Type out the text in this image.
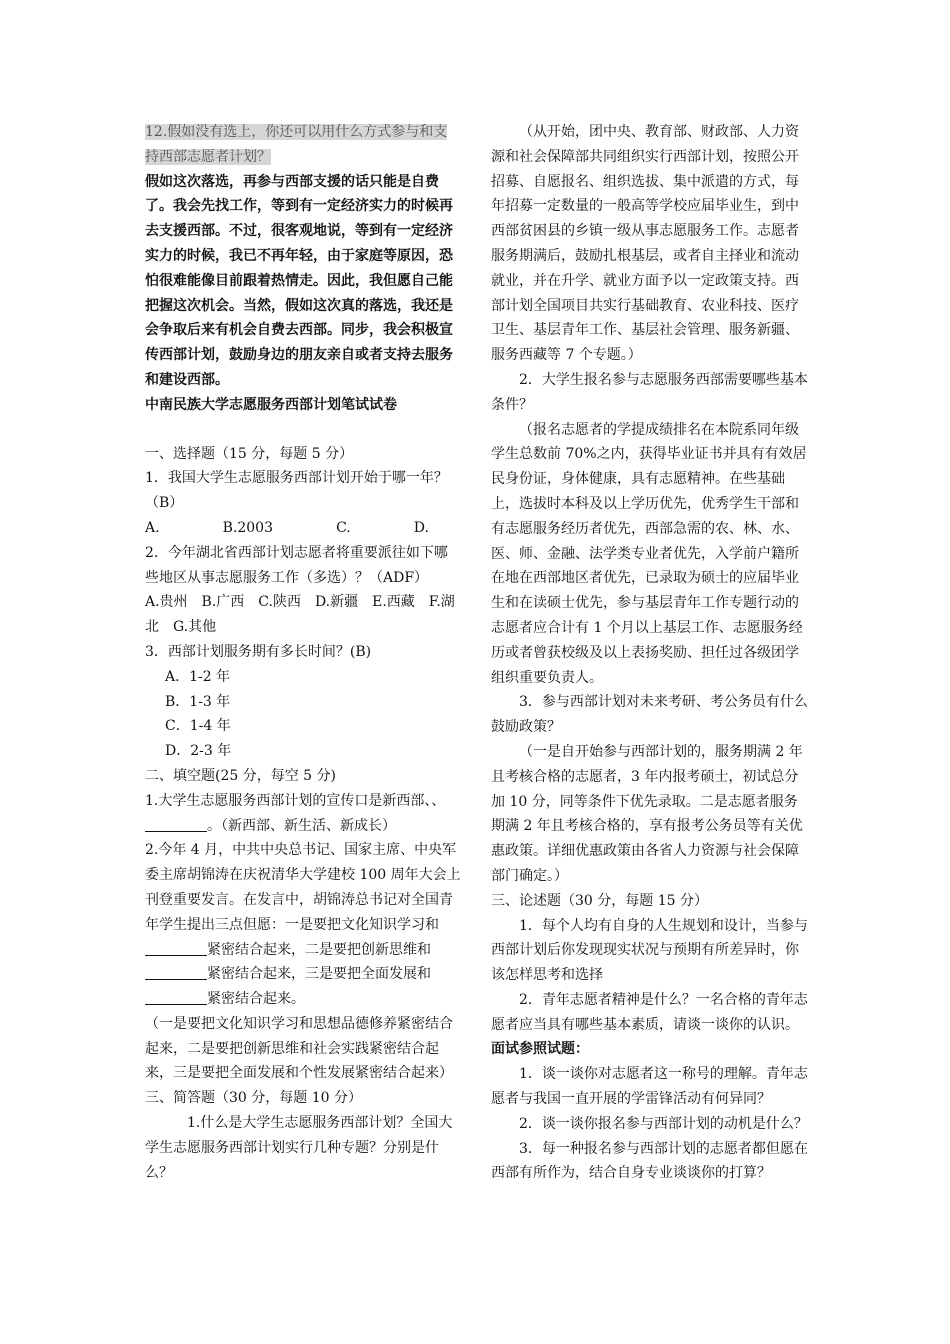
12.假如没有选上，你还可以用什么方式参与和支
持西部志愿者计划？

假如这次落选，再参与西部支援的话只能是自费了。我会先找工作，等到有一定经济实力的时候再去支援西部。不过，很客观地说，等到有一定经济实力的时候，我已不再年轻，由于家庭等原因，恐怕很难能像目前跟着热情走。因此，我但愿自己能把握这次机会。当然，假如这次真的落选，我还是会争取后来有机会自费去西部。同步，我会积极宣传西部计划，鼓励身边的朋友亲自或者支持去服务和建设西部。

中南民族大学志愿服务西部计划笔试试卷

一、选择题（15 分，每题 5 分）

1．我国大学生志愿服务西部计划开始于哪一年？（B）

A.	B.2003	C.	D.

2．今年湖北省西部计划志愿者将重要派往如下哪些地区从事志愿服务工作（多选）？（ADF）

A.贵州　B.广西　C.陕西　D.新疆　E.西藏　F.湖北　G.其他

3．西部计划服务期有多长时间？(B)

A．1-2 年

B．1-3 年

C．1-4 年

D．2-3 年

二、填空题(25 分，每空 5 分)

1.大学生志愿服务西部计划的宣传口是新西部、、。（新西部、新生活、新成长）

2.今年 4 月，中共中央总书记、国家主席、中央军委主席胡锦涛在庆祝清华大学建校 100 周年大会上刊登重要发言。在发言中，胡锦涛总书记对全国青年学生提出三点但愿：一是要把文化知识学习和紧密结合起来，二是要把创新思维和紧密结合起来，三是要把全面发展和紧密结合起来。

（一是要把文化知识学习和思想品德修养紧密结合起来，二是要把创新思维和社会实践紧密结合起来，三是要把全面发展和个性发展紧密结合起来）

三、简答题（30 分，每题 10 分）

1.什么是大学生志愿服务西部计划？全国大学生志愿服务西部计划实行几种专题？分别是什么？

（从开始，团中央、教育部、财政部、人力资源和社会保障部共同组织实行西部计划，按照公开招募、自愿报名、组织选拔、集中派遣的方式，每年招募一定数量的一般高等学校应届毕业生，到中西部贫困县的乡镇一级从事志愿服务工作。志愿者服务期满后，鼓励扎根基层，或者自主择业和流动就业，并在升学、就业方面予以一定政策支持。西部计划全国项目共实行基础教育、农业科技、医疗卫生、基层青年工作、基层社会管理、服务新疆、服务西藏等 7 个专题。）

2．大学生报名参与志愿服务西部需要哪些基本条件？

（报名志愿者的学提成绩排名在本院系同年级学生总数前 70%之内，获得毕业证书并具有有效居民身份证，身体健康，具有志愿精神。在些基础上，选拔时本科及以上学历优先，优秀学生干部和有志愿服务经历者优先，西部急需的农、林、水、医、师、金融、法学类专业者优先，入学前户籍所在地在西部地区者优先，已录取为硕士的应届毕业生和在读硕士优先，参与基层青年工作专题行动的志愿者应合计有 1 个月以上基层工作、志愿服务经历或者曾获校级及以上表扬奖励、担任过各级团学组织重要负责人。

3．参与西部计划对未来考研、考公务员有什么鼓励政策？

（一是自开始参与西部计划的，服务期满 2 年且考核合格的志愿者，3 年内报考硕士，初试总分加 10 分，同等条件下优先录取。二是志愿者服务期满 2 年且考核合格的，享有报考公务员等有关优惠政策。详细优惠政策由各省人力资源与社会保障部门确定。）

三、论述题（30 分，每题 15 分）

1．每个人均有自身的人生规划和设计，当参与西部计划后你发现现实状况与预期有所差异时，你该怎样思考和选择

2．青年志愿者精神是什么？一名合格的青年志愿者应当具有哪些基本素质，请谈一谈你的认识。

面试参照试题：

1．谈一谈你对志愿者这一称号的理解。青年志愿者与我国一直开展的学雷锋活动有何异同？

2．谈一谈你报名参与西部计划的动机是什么？

3．每一种报名参与西部计划的志愿者都但愿在西部有所作为，结合自身专业谈谈你的打算？
